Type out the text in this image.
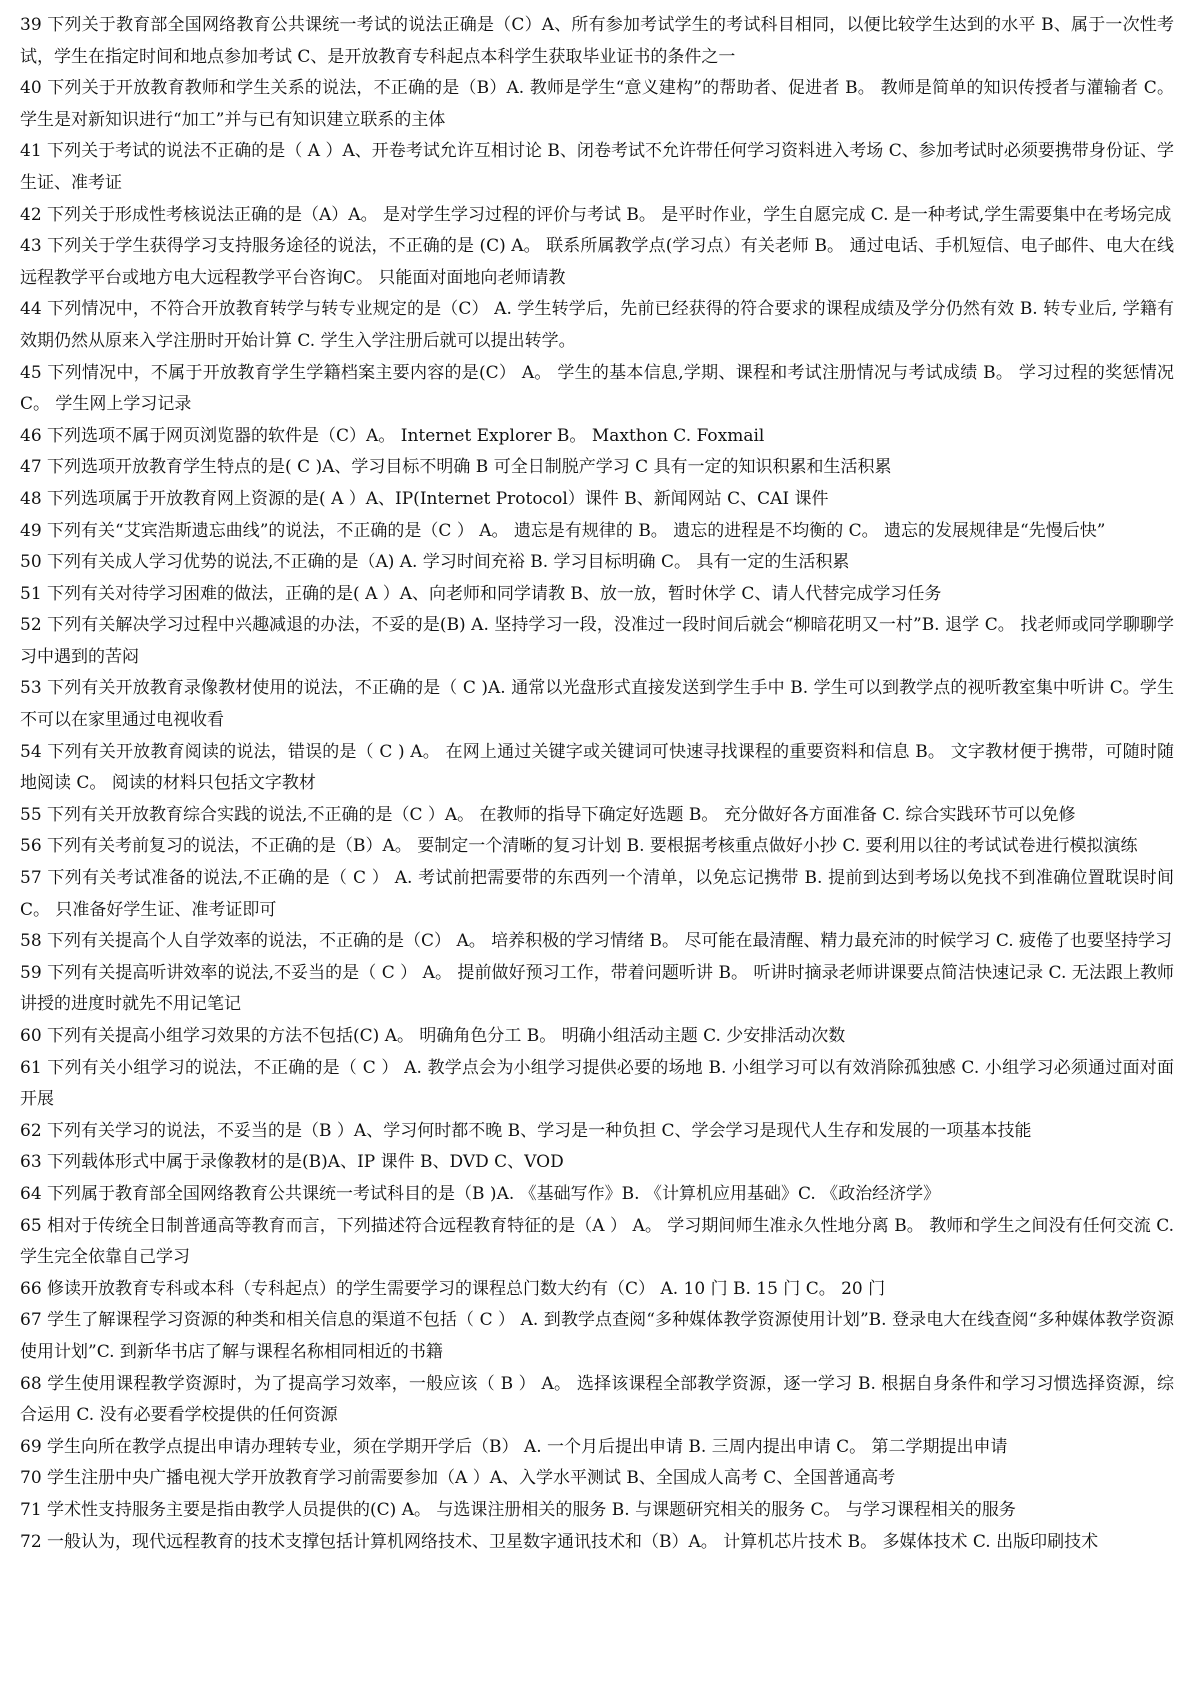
39 下列关于教育部全国网络教育公共课统一考试的说法正确是（C）A、所有参加考试学生的考试科目相同，以便比较学生达到的水平 B、属于一次性考试，学生在指定时间和地点参加考试 C、是开放教育专科起点本科学生获取毕业证书的条件之一

40 下列关于开放教育教师和学生关系的说法，不正确的是（B）A. 教师是学生“意义建构”的帮助者、促进者 B。 教师是简单的知识传授者与灌输者 C。 学生是对新知识进行“加工”并与已有知识建立联系的主体

41 下列关于考试的说法不正确的是（ A ）A、开卷考试允许互相讨论 B、闭卷考试不允许带任何学习资料进入考场 C、参加考试时必须要携带身份证、学生证、准考证

42 下列关于形成性考核说法正确的是（A）A。 是对学生学习过程的评价与考试 B。 是平时作业，学生自愿完成 C. 是一种考试,学生需要集中在考场完成

43 下列关于学生获得学习支持服务途径的说法，不正确的是 (C) A。 联系所属教学点(学习点）有关老师 B。 通过电话、手机短信、电子邮件、电大在线远程教学平台或地方电大远程教学平台咨询C。 只能面对面地向老师请教

44 下列情况中，不符合开放教育转学与转专业规定的是（C） A. 学生转学后，先前已经获得的符合要求的课程成绩及学分仍然有效 B. 转专业后, 学籍有效期仍然从原来入学注册时开始计算 C. 学生入学注册后就可以提出转学。

45 下列情况中，不属于开放教育学生学籍档案主要内容的是(C） A。 学生的基本信息,学期、课程和考试注册情况与考试成绩 B。 学习过程的奖惩情况 C。 学生网上学习记录

46 下列选项不属于网页浏览器的软件是（C）A。 Internet Explorer B。 Maxthon C. Foxmail

47 下列选项开放教育学生特点的是( C )A、学习目标不明确 B 可全日制脱产学习 C 具有一定的知识积累和生活积累

48 下列选项属于开放教育网上资源的是( A ）A、IP(Internet Protocol）课件 B、新闻网站 C、CAI 课件

49 下列有关“艾宾浩斯遗忘曲线”的说法，不正确的是（C ） A。 遗忘是有规律的 B。 遗忘的进程是不均衡的 C。 遗忘的发展规律是“先慢后快”

50 下列有关成人学习优势的说法,不正确的是（A) A. 学习时间充裕 B. 学习目标明确 C。 具有一定的生活积累

51 下列有关对待学习困难的做法，正确的是( A ）A、向老师和同学请教 B、放一放，暂时休学 C、请人代替完成学习任务

52 下列有关解决学习过程中兴趣减退的办法，不妥的是(B) A. 坚持学习一段，没准过一段时间后就会“柳暗花明又一村”B. 退学 C。 找老师或同学聊聊学习中遇到的苦闷

53 下列有关开放教育录像教材使用的说法，不正确的是（ C )A. 通常以光盘形式直接发送到学生手中 B. 学生可以到教学点的视听教室集中听讲 C。学生不可以在家里通过电视收看

54 下列有关开放教育阅读的说法，错误的是（ C ) A。 在网上通过关键字或关键词可快速寻找课程的重要资料和信息 B。 文字教材便于携带，可随时随地阅读 C。 阅读的材料只包括文字教材

55 下列有关开放教育综合实践的说法,不正确的是（C ）A。 在教师的指导下确定好选题 B。 充分做好各方面准备 C. 综合实践环节可以免修

56 下列有关考前复习的说法，不正确的是（B）A。 要制定一个清晰的复习计划 B. 要根据考核重点做好小抄 C. 要利用以往的考试试卷进行模拟演练

57 下列有关考试准备的说法,不正确的是（ C ） A. 考试前把需要带的东西列一个清单，以免忘记携带 B. 提前到达到考场以免找不到准确位置耽误时间 C。 只准备好学生证、准考证即可

58 下列有关提高个人自学效率的说法，不正确的是（C） A。 培养积极的学习情绪 B。 尽可能在最清醒、精力最充沛的时候学习 C. 疲倦了也要坚持学习

59 下列有关提高听讲效率的说法,不妥当的是（ C ） A。 提前做好预习工作，带着问题听讲 B。 听讲时摘录老师讲课要点简洁快速记录 C. 无法跟上教师讲授的进度时就先不用记笔记

60 下列有关提高小组学习效果的方法不包括(C) A。 明确角色分工 B。 明确小组活动主题 C. 少安排活动次数

61 下列有关小组学习的说法，不正确的是（ C ） A. 教学点会为小组学习提供必要的场地 B. 小组学习可以有效消除孤独感 C. 小组学习必须通过面对面开展

62 下列有关学习的说法，不妥当的是（B ）A、学习何时都不晚 B、学习是一种负担 C、学会学习是现代人生存和发展的一项基本技能

63 下列载体形式中属于录像教材的是(B)A、IP 课件 B、DVD C、VOD

64 下列属于教育部全国网络教育公共课统一考试科目的是（B )A. 《基础写作》B. 《计算机应用基础》C. 《政治经济学》

65 相对于传统全日制普通高等教育而言，下列描述符合远程教育特征的是（A ） A。 学习期间师生准永久性地分离 B。 教师和学生之间没有任何交流 C. 学生完全依靠自己学习

66 修读开放教育专科或本科（专科起点）的学生需要学习的课程总门数大约有（C） A. 10 门 B. 15 门 C。 20 门

67 学生了解课程学习资源的种类和相关信息的渠道不包括（ C ） A. 到教学点查阅“多种媒体教学资源使用计划”B. 登录电大在线查阅“多种媒体教学资源使用计划”C. 到新华书店了解与课程名称相同相近的书籍

68 学生使用课程教学资源时，为了提高学习效率，一般应该（ B ） A。 选择该课程全部教学资源，逐一学习 B. 根据自身条件和学习习惯选择资源，综合运用 C. 没有必要看学校提供的任何资源

69 学生向所在教学点提出申请办理转专业，须在学期开学后（B） A. 一个月后提出申请 B. 三周内提出申请 C。 第二学期提出申请

70 学生注册中央广播电视大学开放教育学习前需要参加（A ）A、入学水平测试 B、全国成人高考 C、全国普通高考

71 学术性支持服务主要是指由教学人员提供的(C) A。 与选课注册相关的服务 B. 与课题研究相关的服务 C。 与学习课程相关的服务

72 一般认为，现代远程教育的技术支撑包括计算机网络技术、卫星数字通讯技术和（B）A。 计算机芯片技术 B。 多媒体技术 C. 出版印刷技术
